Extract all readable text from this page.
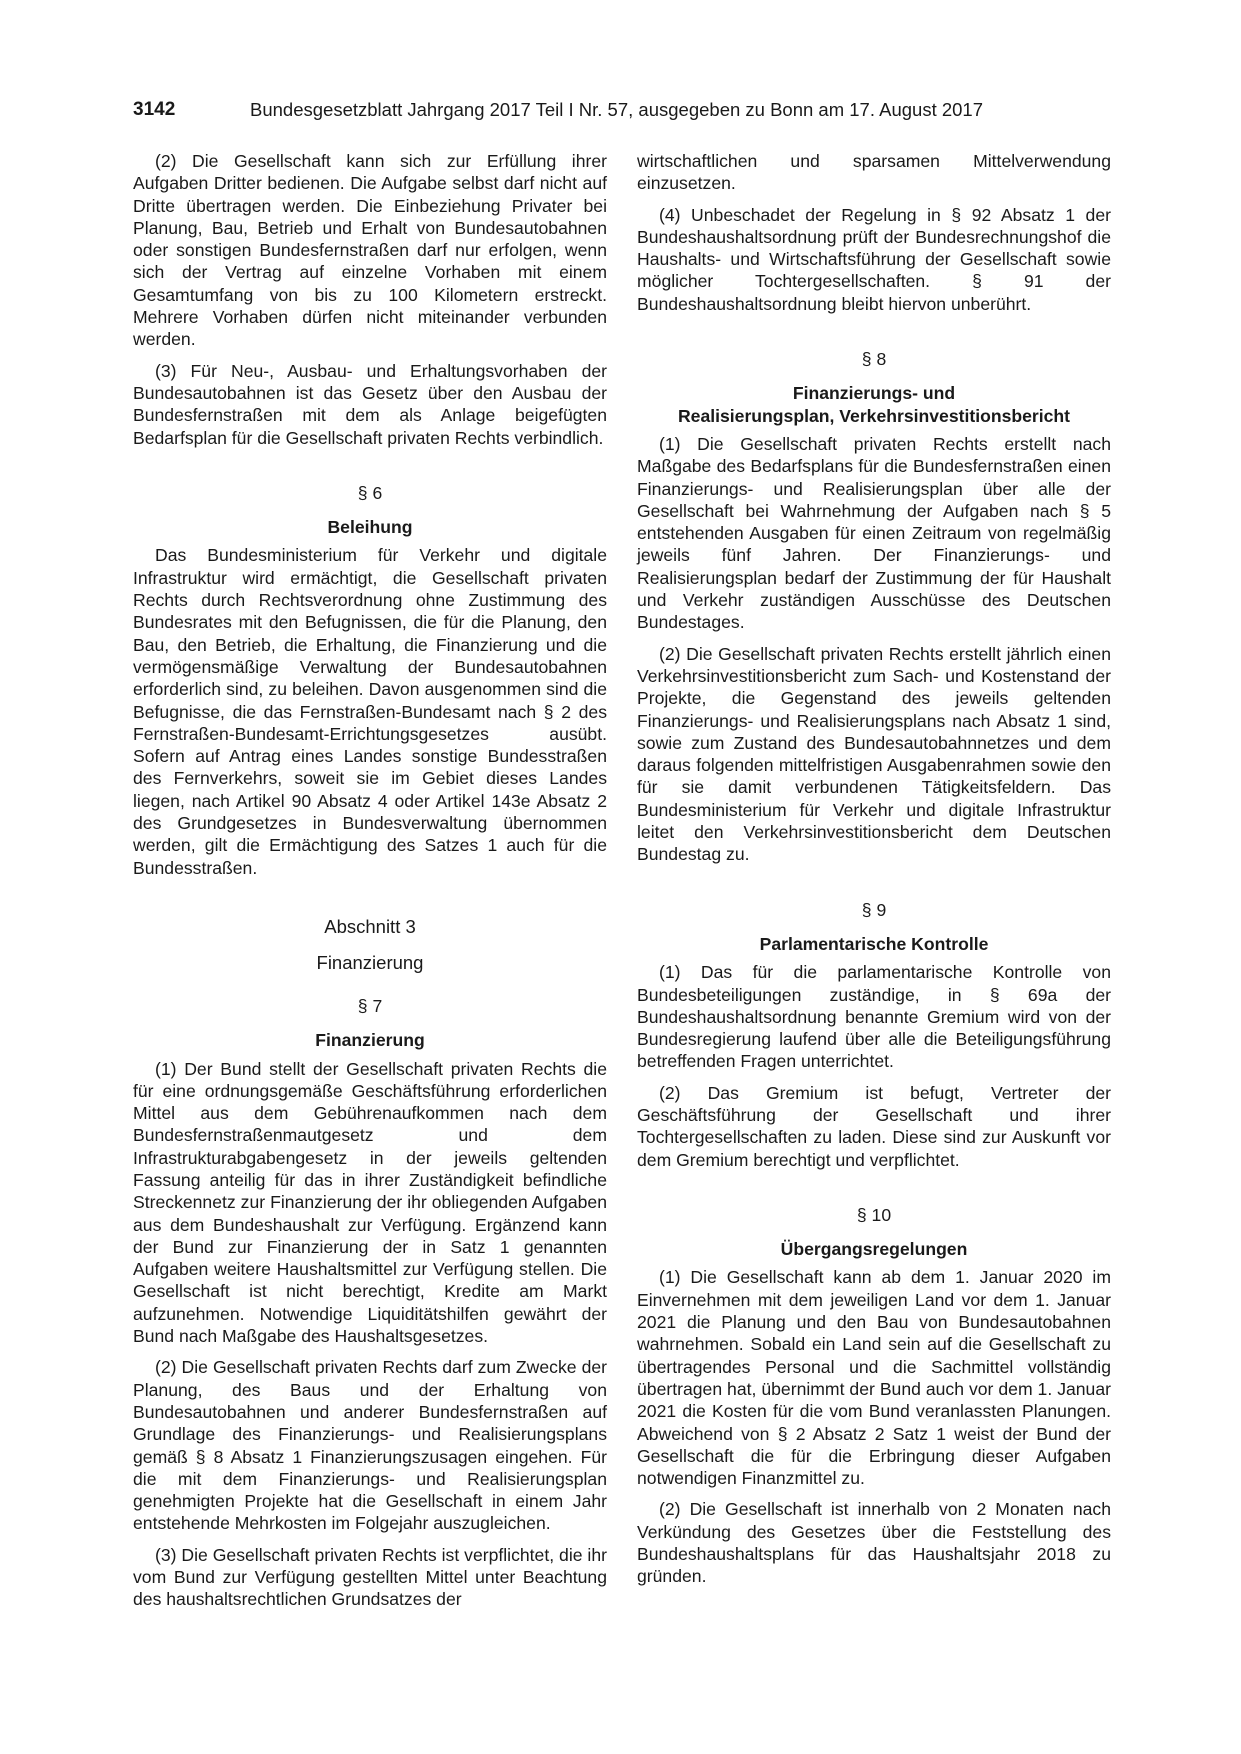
3142	Bundesgesetzblatt Jahrgang 2017 Teil I Nr. 57, ausgegeben zu Bonn am 17. August 2017

(2) Die Gesellschaft kann sich zur Erfüllung ihrer Aufgaben Dritter bedienen. Die Aufgabe selbst darf nicht auf Dritte übertragen werden. Die Einbeziehung Privater bei Planung, Bau, Betrieb und Erhalt von Bundesautobahnen oder sonstigen Bundesfernstraßen darf nur erfolgen, wenn sich der Vertrag auf einzelne Vorhaben mit einem Gesamtumfang von bis zu 100 Kilometern erstreckt. Mehrere Vorhaben dürfen nicht miteinander verbunden werden.

(3) Für Neu-, Ausbau- und Erhaltungsvorhaben der Bundesautobahnen ist das Gesetz über den Ausbau der Bundesfernstraßen mit dem als Anlage beigefügten Bedarfsplan für die Gesellschaft privaten Rechts verbindlich.

§ 6
Beleihung

Das Bundesministerium für Verkehr und digitale Infrastruktur wird ermächtigt, die Gesellschaft privaten Rechts durch Rechtsverordnung ohne Zustimmung des Bundesrates mit den Befugnissen, die für die Planung, den Bau, den Betrieb, die Erhaltung, die Finanzierung und die vermögensmäßige Verwaltung der Bundesautobahnen erforderlich sind, zu beleihen. Davon ausgenommen sind die Befugnisse, die das Fernstraßen-Bundesamt nach § 2 des Fernstraßen-Bundesamt-Errichtungsgesetzes ausübt. Sofern auf Antrag eines Landes sonstige Bundesstraßen des Fernverkehrs, soweit sie im Gebiet dieses Landes liegen, nach Artikel 90 Absatz 4 oder Artikel 143e Absatz 2 des Grundgesetzes in Bundesverwaltung übernommen werden, gilt die Ermächtigung des Satzes 1 auch für die Bundesstraßen.

Abschnitt 3
Finanzierung
§ 7
Finanzierung

(1) Der Bund stellt der Gesellschaft privaten Rechts die für eine ordnungsgemäße Geschäftsführung erforderlichen Mittel aus dem Gebührenaufkommen nach dem Bundesfernstraßenmautgesetz und dem Infrastrukturabgabengesetz in der jeweils geltenden Fassung anteilig für das in ihrer Zuständigkeit befindliche Streckennetz zur Finanzierung der ihr obliegenden Aufgaben aus dem Bundeshaushalt zur Verfügung. Ergänzend kann der Bund zur Finanzierung der in Satz 1 genannten Aufgaben weitere Haushaltsmittel zur Verfügung stellen. Die Gesellschaft ist nicht berechtigt, Kredite am Markt aufzunehmen. Notwendige Liquiditätshilfen gewährt der Bund nach Maßgabe des Haushaltsgesetzes.

(2) Die Gesellschaft privaten Rechts darf zum Zwecke der Planung, des Baus und der Erhaltung von Bundesautobahnen und anderer Bundesfernstraßen auf Grundlage des Finanzierungs- und Realisierungsplans gemäß § 8 Absatz 1 Finanzierungszusagen eingehen. Für die mit dem Finanzierungs- und Realisierungsplan genehmigten Projekte hat die Gesellschaft in einem Jahr entstehende Mehrkosten im Folgejahr auszugleichen.

(3) Die Gesellschaft privaten Rechts ist verpflichtet, die ihr vom Bund zur Verfügung gestellten Mittel unter Beachtung des haushaltsrechtlichen Grundsatzes der

wirtschaftlichen und sparsamen Mittelverwendung einzusetzen.

(4) Unbeschadet der Regelung in § 92 Absatz 1 der Bundeshaushaltsordnung prüft der Bundesrechnungshof die Haushalts- und Wirtschaftsführung der Gesellschaft sowie möglicher Tochtergesellschaften. § 91 der Bundeshaushaltsordnung bleibt hiervon unberührt.

§ 8
Finanzierungs- und
Realisierungsplan, Verkehrsinvestitionsbericht

(1) Die Gesellschaft privaten Rechts erstellt nach Maßgabe des Bedarfsplans für die Bundesfernstraßen einen Finanzierungs- und Realisierungsplan über alle der Gesellschaft bei Wahrnehmung der Aufgaben nach § 5 entstehenden Ausgaben für einen Zeitraum von regelmäßig jeweils fünf Jahren. Der Finanzierungs- und Realisierungsplan bedarf der Zustimmung der für Haushalt und Verkehr zuständigen Ausschüsse des Deutschen Bundestages.

(2) Die Gesellschaft privaten Rechts erstellt jährlich einen Verkehrsinvestitionsbericht zum Sach- und Kostenstand der Projekte, die Gegenstand des jeweils geltenden Finanzierungs- und Realisierungsplans nach Absatz 1 sind, sowie zum Zustand des Bundesautobahnnetzes und dem daraus folgenden mittelfristigen Ausgabenrahmen sowie den für sie damit verbundenen Tätigkeitsfeldern. Das Bundesministerium für Verkehr und digitale Infrastruktur leitet den Verkehrsinvestitionsbericht dem Deutschen Bundestag zu.

§ 9
Parlamentarische Kontrolle

(1) Das für die parlamentarische Kontrolle von Bundesbeteiligungen zuständige, in § 69a der Bundeshaushaltsordnung benannte Gremium wird von der Bundesregierung laufend über alle die Beteiligungsführung betreffenden Fragen unterrichtet.

(2) Das Gremium ist befugt, Vertreter der Geschäftsführung der Gesellschaft und ihrer Tochtergesellschaften zu laden. Diese sind zur Auskunft vor dem Gremium berechtigt und verpflichtet.

§ 10
Übergangsregelungen

(1) Die Gesellschaft kann ab dem 1. Januar 2020 im Einvernehmen mit dem jeweiligen Land vor dem 1. Januar 2021 die Planung und den Bau von Bundesautobahnen wahrnehmen. Sobald ein Land sein auf die Gesellschaft zu übertragendes Personal und die Sachmittel vollständig übertragen hat, übernimmt der Bund auch vor dem 1. Januar 2021 die Kosten für die vom Bund veranlassten Planungen. Abweichend von § 2 Absatz 2 Satz 1 weist der Bund der Gesellschaft die für die Erbringung dieser Aufgaben notwendigen Finanzmittel zu.

(2) Die Gesellschaft ist innerhalb von 2 Monaten nach Verkündung des Gesetzes über die Feststellung des Bundeshaushaltsplans für das Haushaltsjahr 2018 zu gründen.
